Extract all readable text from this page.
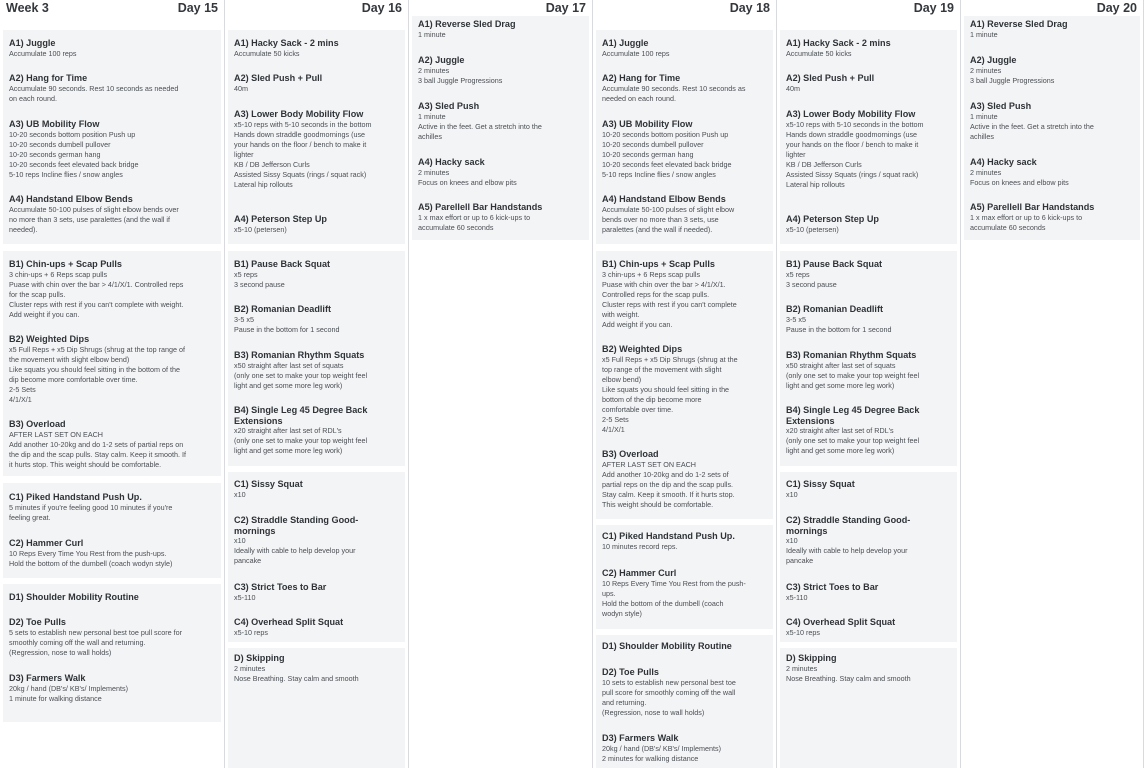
Week 3	Day 15
A1) Juggle
Accumulate 100 reps
A2) Hang for Time
Accumulate 90 seconds. Rest 10 seconds as needed
on each round.
A3) UB Mobility Flow
10-20 seconds bottom position Push up
10-20 seconds dumbell pullover
10-20 seconds german hang
10-20 seconds feet elevated back bridge
5-10 reps Incline flies / snow angles
A4) Handstand Elbow Bends
Accumulate 50-100 pulses of slight elbow bends over
no more than 3 sets, use paralettes (and the wall if
needed).
B1) Chin-ups + Scap Pulls
3 chin-ups + 6 Reps scap pulls
Puase with chin over the bar > 4/1/X/1. Controlled reps
for the scap pulls.
Cluster reps with rest if you can't complete with weight.
Add weight if you can.
B2) Weighted Dips
x5 Full Reps + x5 Dip Shrugs (shrug at the top range of
the movement with slight elbow bend)
Like squats you should feel sitting in the bottom of the
dip become more comfortable over time.
2-5 Sets
4/1/X/1
B3) Overload
AFTER LAST SET ON EACH
Add another 10-20kg and do 1-2 sets of partial reps on
the dip and the scap pulls. Stay calm. Keep it smooth. If
it hurts stop. This weight should be comfortable.
C1) Piked Handstand Push Up.
5 minutes if you're feeling good 10 minutes if you're
feeling great.
C2) Hammer Curl
10 Reps Every Time You Rest from the push-ups.
Hold the bottom of the dumbell (coach wodyn style)
D1) Shoulder Mobility Routine
D2) Toe Pulls
5 sets to establish new personal best toe pull score for
smoothly coming off the wall and returning.
(Regression, nose to wall holds)
D3) Farmers Walk
20kg / hand (DB's/ KB's/ Implements)
1 minute for walking distance
Day 16
A1) Hacky Sack - 2 mins
Accumulate 50 kicks
A2) Sled Push + Pull
40m
A3) Lower Body Mobility Flow
x5-10 reps with 5-10 seconds in the bottom
Hands down straddle goodmornings (use
your hands on the floor / bench to make it
lighter
KB / DB Jefferson Curls
Assisted Sissy Squats (rings / squat rack)
Lateral hip rollouts
A4) Peterson Step Up
x5-10 (petersen)
B1) Pause Back Squat
x5 reps
3 second pause
B2) Romanian Deadlift
3-5 x5
Pause in the bottom for 1 second
B3) Romanian Rhythm Squats
x50 straight after last set of squats
(only one set to make your top weight feel
light and get some more leg work)
B4) Single Leg 45 Degree Back
Extensions
x20 straight after last set of RDL's
(only one set to make your top weight feel
light and get some more leg work)
C1) Sissy Squat
x10
C2) Straddle Standing Good-
mornings
x10
Ideally with cable to help develop your
pancake
C3) Strict Toes to Bar
x5-110
C4) Overhead Split Squat
x5-10 reps
D) Skipping
2 minutes
Nose Breathing. Stay calm and smooth
Day 17
A1) Reverse Sled Drag
1 minute
A2) Juggle
2 minutes
3 ball Juggle Progressions
A3) Sled Push
1 minute
Active in the feet. Get a stretch into the
achilles
A4) Hacky sack
2 minutes
Focus on knees and elbow pits
A5) Parellell Bar Handstands
1 x max effort or up to 6 kick-ups to
accumulate 60 seconds
Day 18
A1) Juggle
Accumulate 100 reps
A2) Hang for Time
Accumulate 90 seconds. Rest 10 seconds as
needed on each round.
A3) UB Mobility Flow
10-20 seconds bottom position Push up
10-20 seconds dumbell pullover
10-20 seconds german hang
10-20 seconds feet elevated back bridge
5-10 reps Incline flies / snow angles
A4) Handstand Elbow Bends
Accumulate 50-100 pulses of slight elbow
bends over no more than 3 sets, use
paralettes (and the wall if needed).
B1) Chin-ups + Scap Pulls
3 chin-ups + 6 Reps scap pulls
Puase with chin over the bar > 4/1/X/1.
Controlled reps for the scap pulls.
Cluster reps with rest if you can't complete
with weight.
Add weight if you can.
B2) Weighted Dips
x5 Full Reps + x5 Dip Shrugs (shrug at the
top range of the movement with slight
elbow bend)
Like squats you should feel sitting in the
bottom of the dip become more
comfortable over time.
2-5 Sets
4/1/X/1
B3) Overload
AFTER LAST SET ON EACH
Add another 10-20kg and do 1-2 sets of
partial reps on the dip and the scap pulls.
Stay calm. Keep it smooth. If it hurts stop.
This weight should be comfortable.
C1) Piked Handstand Push Up.
10 minutes record reps.
C2) Hammer Curl
10 Reps Every Time You Rest from the push-
ups.
Hold the bottom of the dumbell (coach
wodyn style)
D1) Shoulder Mobility Routine
D2) Toe Pulls
10 sets to establish new personal best toe
pull score for smoothly coming off the wall
and returning.
(Regression, nose to wall holds)
D3) Farmers Walk
20kg / hand (DB's/ KB's/ Implements)
2 minutes for walking distance
Day 19
A1) Hacky Sack - 2 mins
Accumulate 50 kicks
A2) Sled Push + Pull
40m
A3) Lower Body Mobility Flow
x5-10 reps with 5-10 seconds in the bottom
Hands down straddle goodmornings (use
your hands on the floor / bench to make it
lighter
KB / DB Jefferson Curls
Assisted Sissy Squats (rings / squat rack)
Lateral hip rollouts
A4) Peterson Step Up
x5-10 (petersen)
B1) Pause Back Squat
x5 reps
3 second pause
B2) Romanian Deadlift
3-5 x5
Pause in the bottom for 1 second
B3) Romanian Rhythm Squats
x50 straight after last set of squats
(only one set to make your top weight feel
light and get some more leg work)
B4) Single Leg 45 Degree Back
Extensions
x20 straight after last set of RDL's
(only one set to make your top weight feel
light and get some more leg work)
C1) Sissy Squat
x10
C2) Straddle Standing Good-
mornings
x10
Ideally with cable to help develop your
pancake
C3) Strict Toes to Bar
x5-110
C4) Overhead Split Squat
x5-10 reps
D) Skipping
2 minutes
Nose Breathing. Stay calm and smooth
Day 20
A1) Reverse Sled Drag
1 minute
A2) Juggle
2 minutes
3 ball Juggle Progressions
A3) Sled Push
1 minute
Active in the feet. Get a stretch into the
achilles
A4) Hacky sack
2 minutes
Focus on knees and elbow pits
A5) Parellell Bar Handstands
1 x max effort or up to 6 kick-ups to
accumulate 60 seconds
